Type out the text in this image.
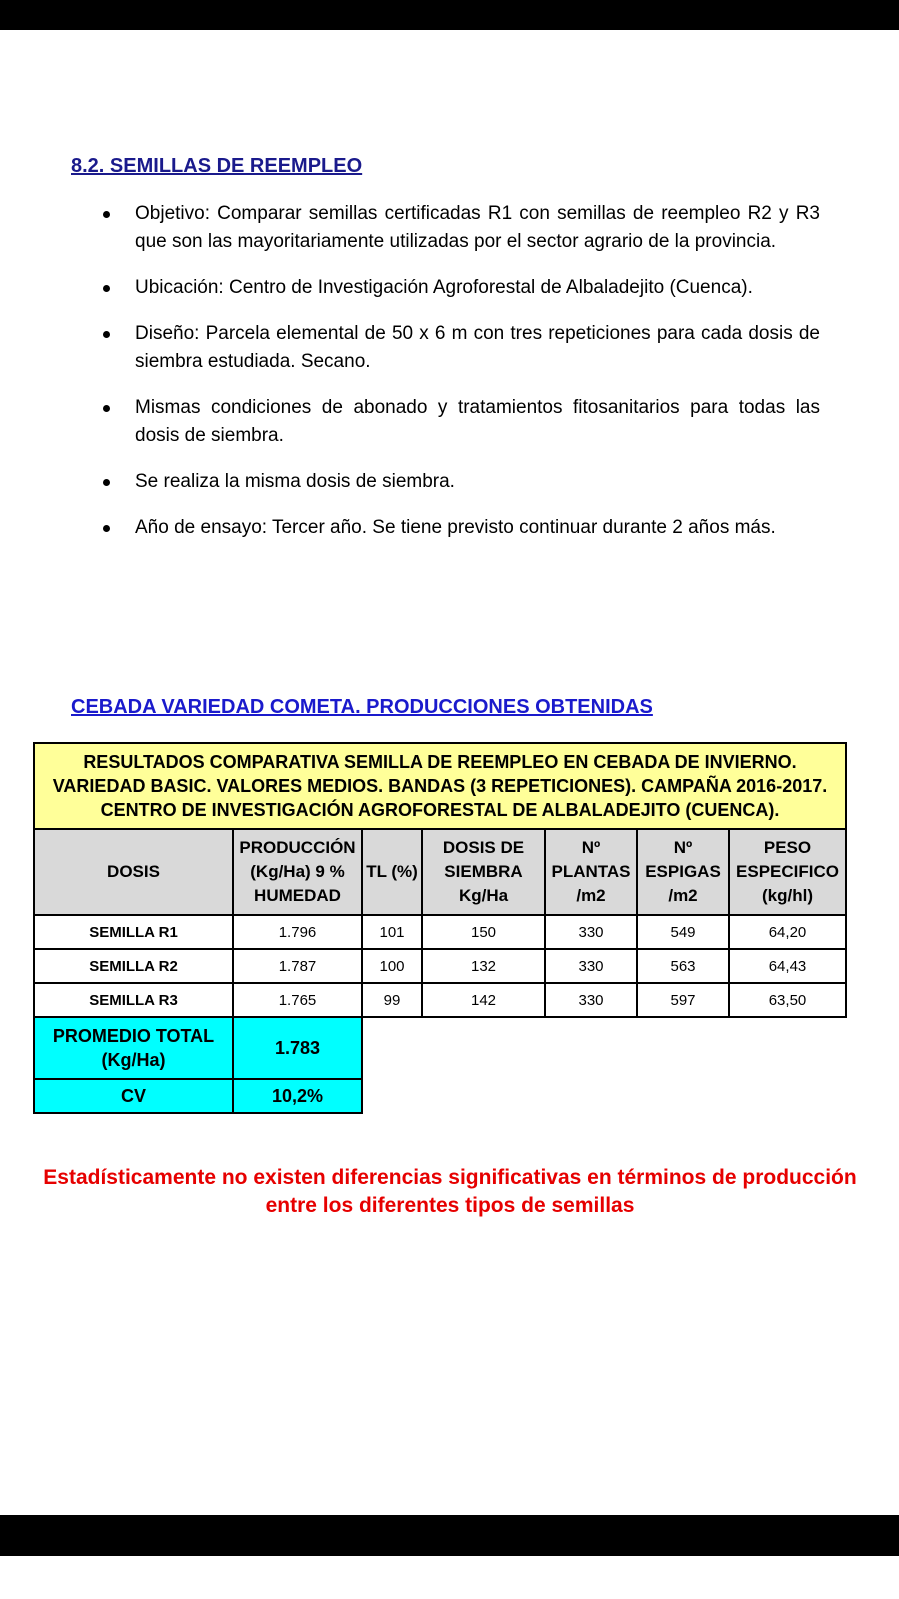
8.2. SEMILLAS DE REEMPLEO
Objetivo: Comparar semillas certificadas R1 con semillas de reempleo R2 y R3 que son las mayoritariamente utilizadas por el sector agrario de la provincia.
Ubicación: Centro de Investigación Agroforestal de Albaladejito (Cuenca).
Diseño: Parcela elemental de 50 x 6 m con tres repeticiones para cada dosis de siembra estudiada. Secano.
Mismas condiciones de abonado y tratamientos fitosanitarios para todas las dosis de siembra.
Se realiza la misma dosis de siembra.
Año de ensayo: Tercer año. Se tiene previsto continuar durante 2 años más.
CEBADA VARIEDAD COMETA. PRODUCCIONES OBTENIDAS
RESULTADOS COMPARATIVA SEMILLA DE REEMPLEO EN CEBADA DE INVIERNO. VARIEDAD BASIC. VALORES MEDIOS. BANDAS (3 REPETICIONES). CAMPAÑA 2016-2017. CENTRO DE INVESTIGACIÓN AGROFORESTAL DE ALBALADEJITO (CUENCA).						
DOSIS	PRODUCCIÓN (Kg/Ha) 9 % HUMEDAD	TL (%)	DOSIS DE SIEMBRA Kg/Ha	Nº PLANTAS /m2	Nº ESPIGAS /m2	PESO ESPECIFICO (kg/hl)
SEMILLA R1	1.796	101	150	330	549	64,20
SEMILLA R2	1.787	100	132	330	563	64,43
SEMILLA R3	1.765	99	142	330	597	63,50
PROMEDIO TOTAL (Kg/Ha)	1.783					
CV	10,2%					
Estadísticamente no existen diferencias significativas en términos de producción entre los diferentes tipos de semillas
